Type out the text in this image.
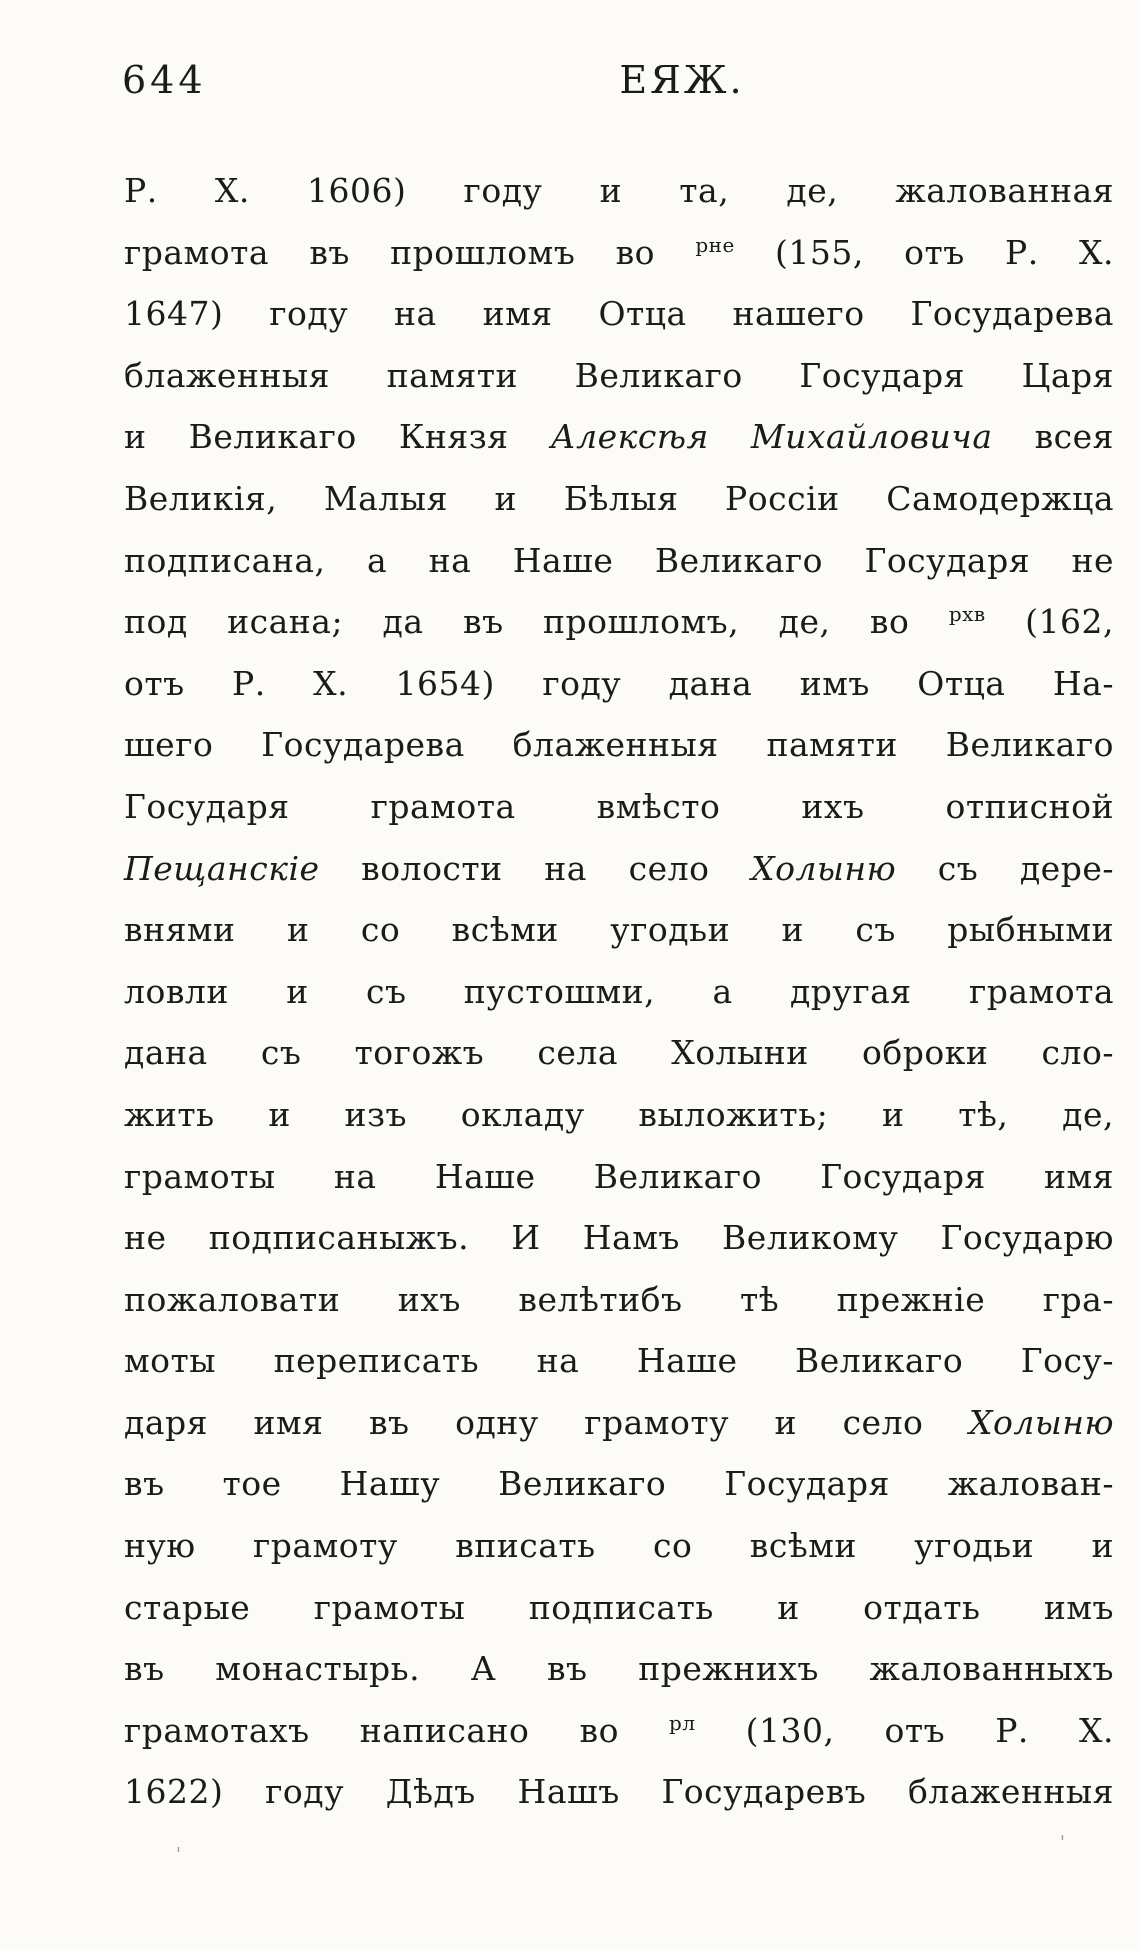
644	ЕЯЖ.
Р. Х. 1606) году и та, де, жалованная
грамота въ прошломъ во $^{рне}$ (155, отъ Р. Х.
1647) году на имя Отца нашего Государева
блаженныя памяти Великаго Государя Царя
и Великаго Князя Алексѣя Михайловича всея
Великія, Малыя и Бѣлыя Россіи Самодержца
подписана, а на Наше Великаго Государя не
под исана; да въ прошломъ, де, во $^{рхв}$ (162,
отъ Р. Х. 1654) году дана имъ Отца На-
шего Государева блаженныя памяти Великаго
Государя грамота вмѣсто ихъ отписной
Пещанскіе волости на село Холыню съ дере-
внями и со всѣми угодьи и съ рыбными
ловли и съ пустошми, а другая грамота
дана съ тогожъ села Холыни оброки сло-
жить и изъ окладу выложить; и тѣ, де,
грамоты на Наше Великаго Государя имя
не подписаныжъ. И Намъ Великому Государю
пожаловати ихъ велѣтибъ тѣ прежніе гра-
моты переписать на Наше Великаго Госу-
даря имя въ одну грамоту и село Холыню
въ тое Нашу Великаго Государя жалован-
ную грамоту вписать со всѣми угодьи и
старые грамоты подписать и отдать имъ
въ монастырь. А въ прежнихъ жалованныхъ
грамотахъ написано во $^{рл}$ (130, отъ Р. Х.
1622) году Дѣдъ Нашъ Государевъ блаженныя
'
'
